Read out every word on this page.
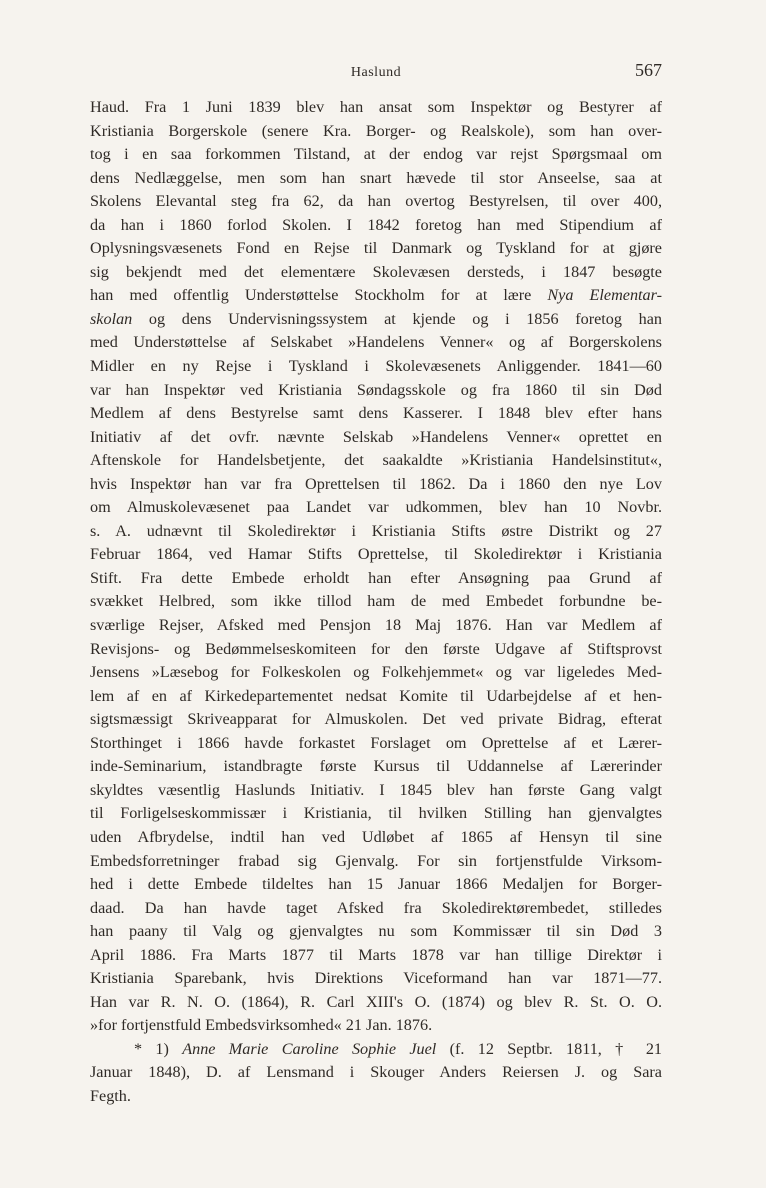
Haslund	567
Haud. Fra 1 Juni 1839 blev han ansat som Inspektør og Bestyrer af
Kristiania Borgerskole (senere Kra. Borger- og Realskole), som han over-
tog i en saa forkommen Tilstand, at der endog var rejst Spørgsmaal om
dens Nedlæggelse, men som han snart hævede til stor Anseelse, saa at
Skolens Elevantal steg fra 62, da han overtog Bestyrelsen, til over 400,
da han i 1860 forlod Skolen. I 1842 foretog han med Stipendium af
Oplysningsvæsenets Fond en Rejse til Danmark og Tyskland for at gjøre
sig bekjendt med det elementære Skolevæsen dersteds, i 1847 besøgte
han med offentlig Understøttelse Stockholm for at lære Nya Elementar-
skolan og dens Undervisningssystem at kjende og i 1856 foretog han
med Understøttelse af Selskabet »Handelens Venner« og af Borgerskolens
Midler en ny Rejse i Tyskland i Skolevæsenets Anliggender. 1841—60
var han Inspektør ved Kristiania Søndagsskole og fra 1860 til sin Død
Medlem af dens Bestyrelse samt dens Kasserer. I 1848 blev efter hans
Initiativ af det ovfr. nævnte Selskab »Handelens Venner« oprettet en
Aftenskole for Handelsbetjente, det saakaldte »Kristiania Handelsinstitut«,
hvis Inspektør han var fra Oprettelsen til 1862. Da i 1860 den nye Lov
om Almuskolevæsenet paa Landet var udkommen, blev han 10 Novbr.
s. A. udnævnt til Skoledirektør i Kristiania Stifts østre Distrikt og 27
Februar 1864, ved Hamar Stifts Oprettelse, til Skoledirektør i Kristiania
Stift. Fra dette Embede erholdt han efter Ansøgning paa Grund af
svækket Helbred, som ikke tillod ham de med Embedet forbundne be-
sværlige Rejser, Afsked med Pensjon 18 Maj 1876. Han var Medlem af
Revisjons- og Bedømmelseskomiteen for den første Udgave af Stiftsprovst
Jensens »Læsebog for Folkeskolen og Folkehjemmet« og var ligeledes Med-
lem af en af Kirkedepartementet nedsat Komite til Udarbejdelse af et hen-
sigtsmæssigt Skriveapparat for Almuskolen. Det ved private Bidrag, efterat
Storthinget i 1866 havde forkastet Forslaget om Oprettelse af et Lærer-
inde-Seminarium, istandbragte første Kursus til Uddannelse af Lærerinder
skyldtes væsentlig Haslunds Initiativ. I 1845 blev han første Gang valgt
til Forligelseskommissær i Kristiania, til hvilken Stilling han gjenvalgtes
uden Afbrydelse, indtil han ved Udløbet af 1865 af Hensyn til sine
Embedsforretninger frabad sig Gjenvalg. For sin fortjenstfulde Virksom-
hed i dette Embede tildeltes han 15 Januar 1866 Medaljen for Borger-
daad. Da han havde taget Afsked fra Skoledirektørembedet, stilledes
han paany til Valg og gjenvalgtes nu som Kommissær til sin Død 3
April 1886. Fra Marts 1877 til Marts 1878 var han tillige Direktør i
Kristiania Sparebank, hvis Direktions Viceformand han var 1871—77.
Han var R. N. O. (1864), R. Carl XIII's O. (1874) og blev R. St. O. O.
»for fortjenstfuld Embedsvirksomhed« 21 Jan. 1876.
* 1) Anne Marie Caroline Sophie Juel (f. 12 Septbr. 1811, † 21
Januar 1848), D. af Lensmand i Skouger Anders Reiersen J. og Sara
Fegth.
